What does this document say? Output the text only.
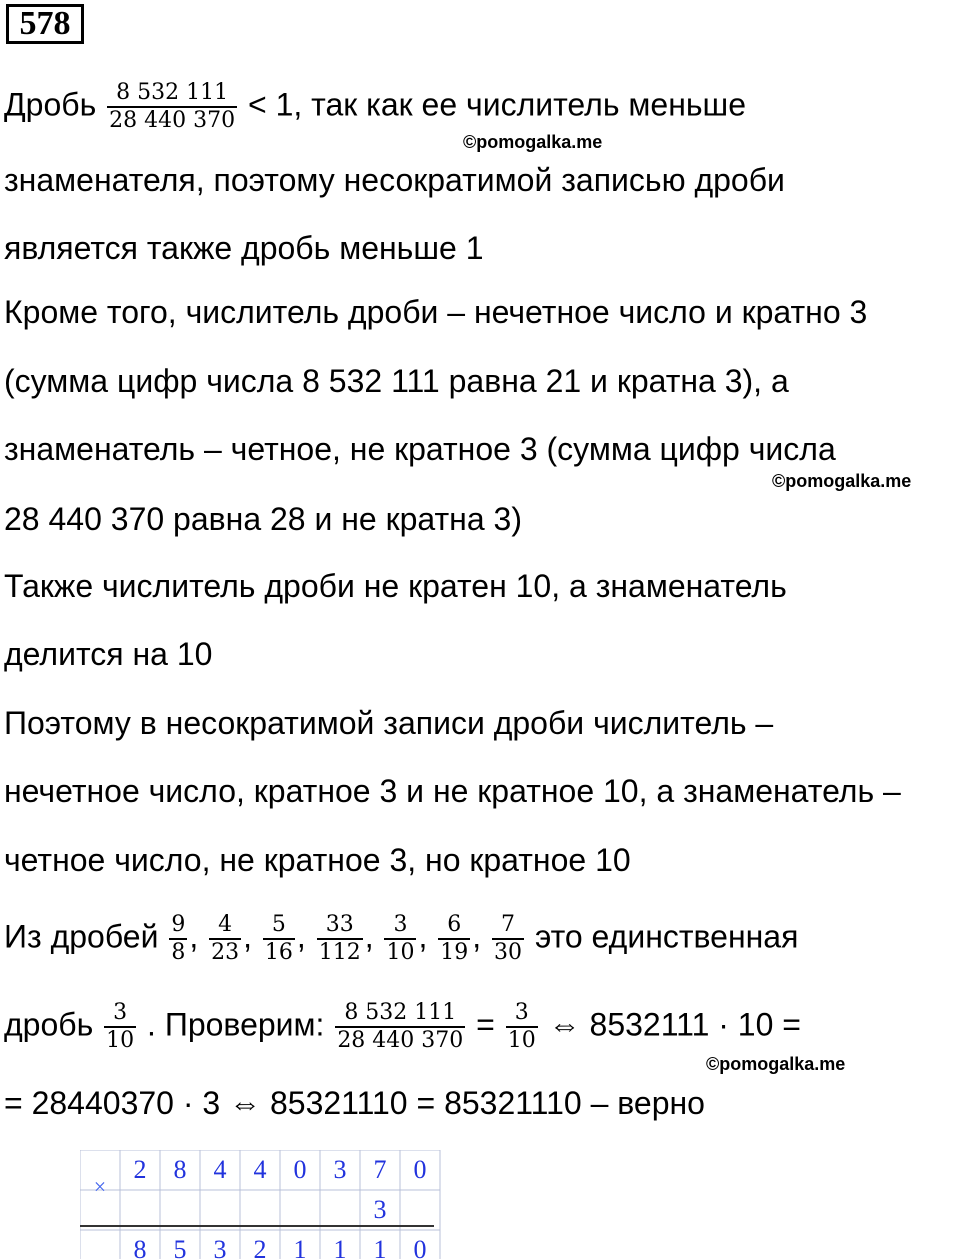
578
Дробь $\frac{8 532 111}{28 440 370} < 1$, так как ее числитель меньше
©pomogalka.me
знаменателя, поэтому несократимой записью дроби
является также дробь меньше 1
Кроме того, числитель дроби – нечетное число и кратно 3
(сумма цифр числа 8 532 111 равна 21 и кратна 3), а
знаменатель – четное, не кратное 3 (сумма цифр числа
©pomogalka.me
28 440 370 равна 28 и не кратна 3)
Также числитель дроби не кратен 10, а знаменатель
делится на 10
Поэтому в несократимой записи дроби числитель –
нечетное число, кратное 3 и не кратное 10, а знаменатель –
четное число, не кратное 3, но кратное 10
Из дробей $\frac{9}{8}$ , $\frac{4}{23}$ , $\frac{5}{16}$ , $\frac{33}{112}$ , $\frac{3}{10}$ , $\frac{6}{19}$ , $\frac{7}{30}$ это единственная
дробь $\frac{3}{10}$ . Проверим: $\frac{8 532 111}{28 440 370} = \frac{3}{10}$ ⇔ 8532111 · 10 =
©pomogalka.me
= 28440370 · 3 ⇔ 85321110 = 85321110 – верно
×
2 8 4 4 0 3 7 0
3
8 5 3 2 1 1 1 0
